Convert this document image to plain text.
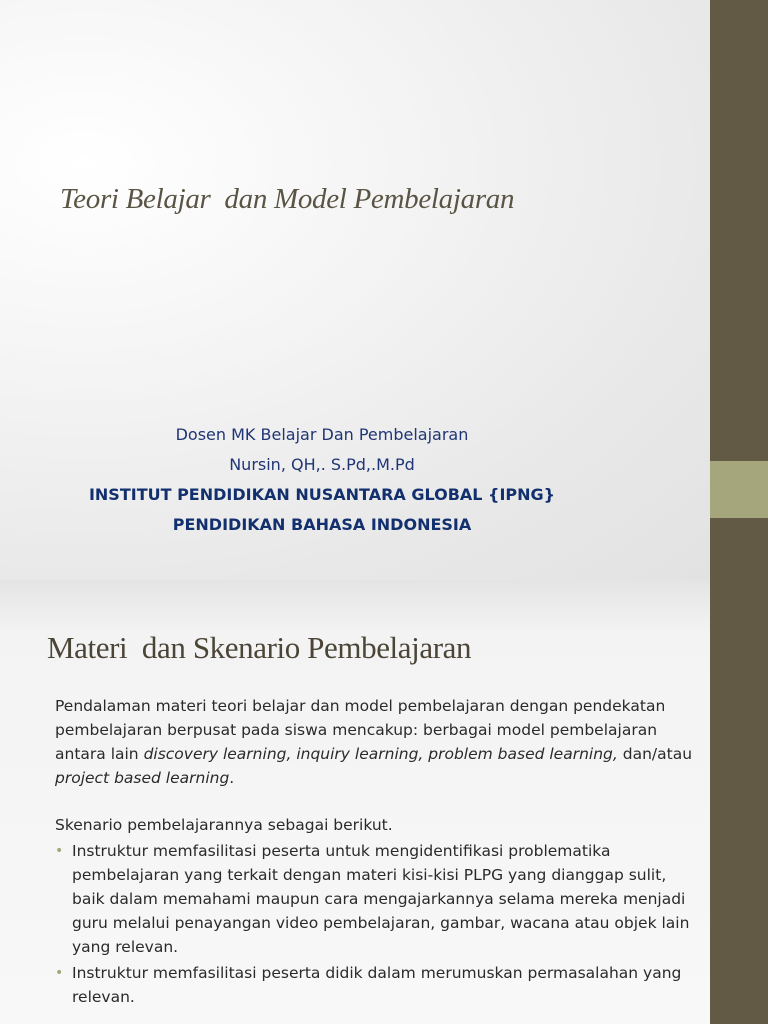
Teori Belajar  dan Model Pembelajaran
Dosen MK Belajar Dan Pembelajaran
Nursin, QH,. S.Pd,.M.Pd
INSTITUT PENDIDIKAN NUSANTARA GLOBAL {IPNG}
PENDIDIKAN BAHASA INDONESIA
Materi  dan Skenario Pembelajaran

Pendalaman materi teori belajar dan model pembelajaran dengan pendekatan pembelajaran berpusat pada siswa mencakup: berbagai model pembelajaran antara lain discovery learning, inquiry learning, problem based learning, dan/atau project based learning.

Skenario pembelajarannya sebagai berikut.

• Instruktur memfasilitasi peserta untuk mengidentifikasi problematika pembelajaran yang terkait dengan materi kisi-kisi PLPG yang dianggap sulit, baik dalam memahami maupun cara mengajarkannya selama mereka menjadi guru melalui penayangan video pembelajaran, gambar, wacana atau objek lain yang relevan.
• Instruktur memfasilitasi peserta didik dalam merumuskan permasalahan yang relevan.
